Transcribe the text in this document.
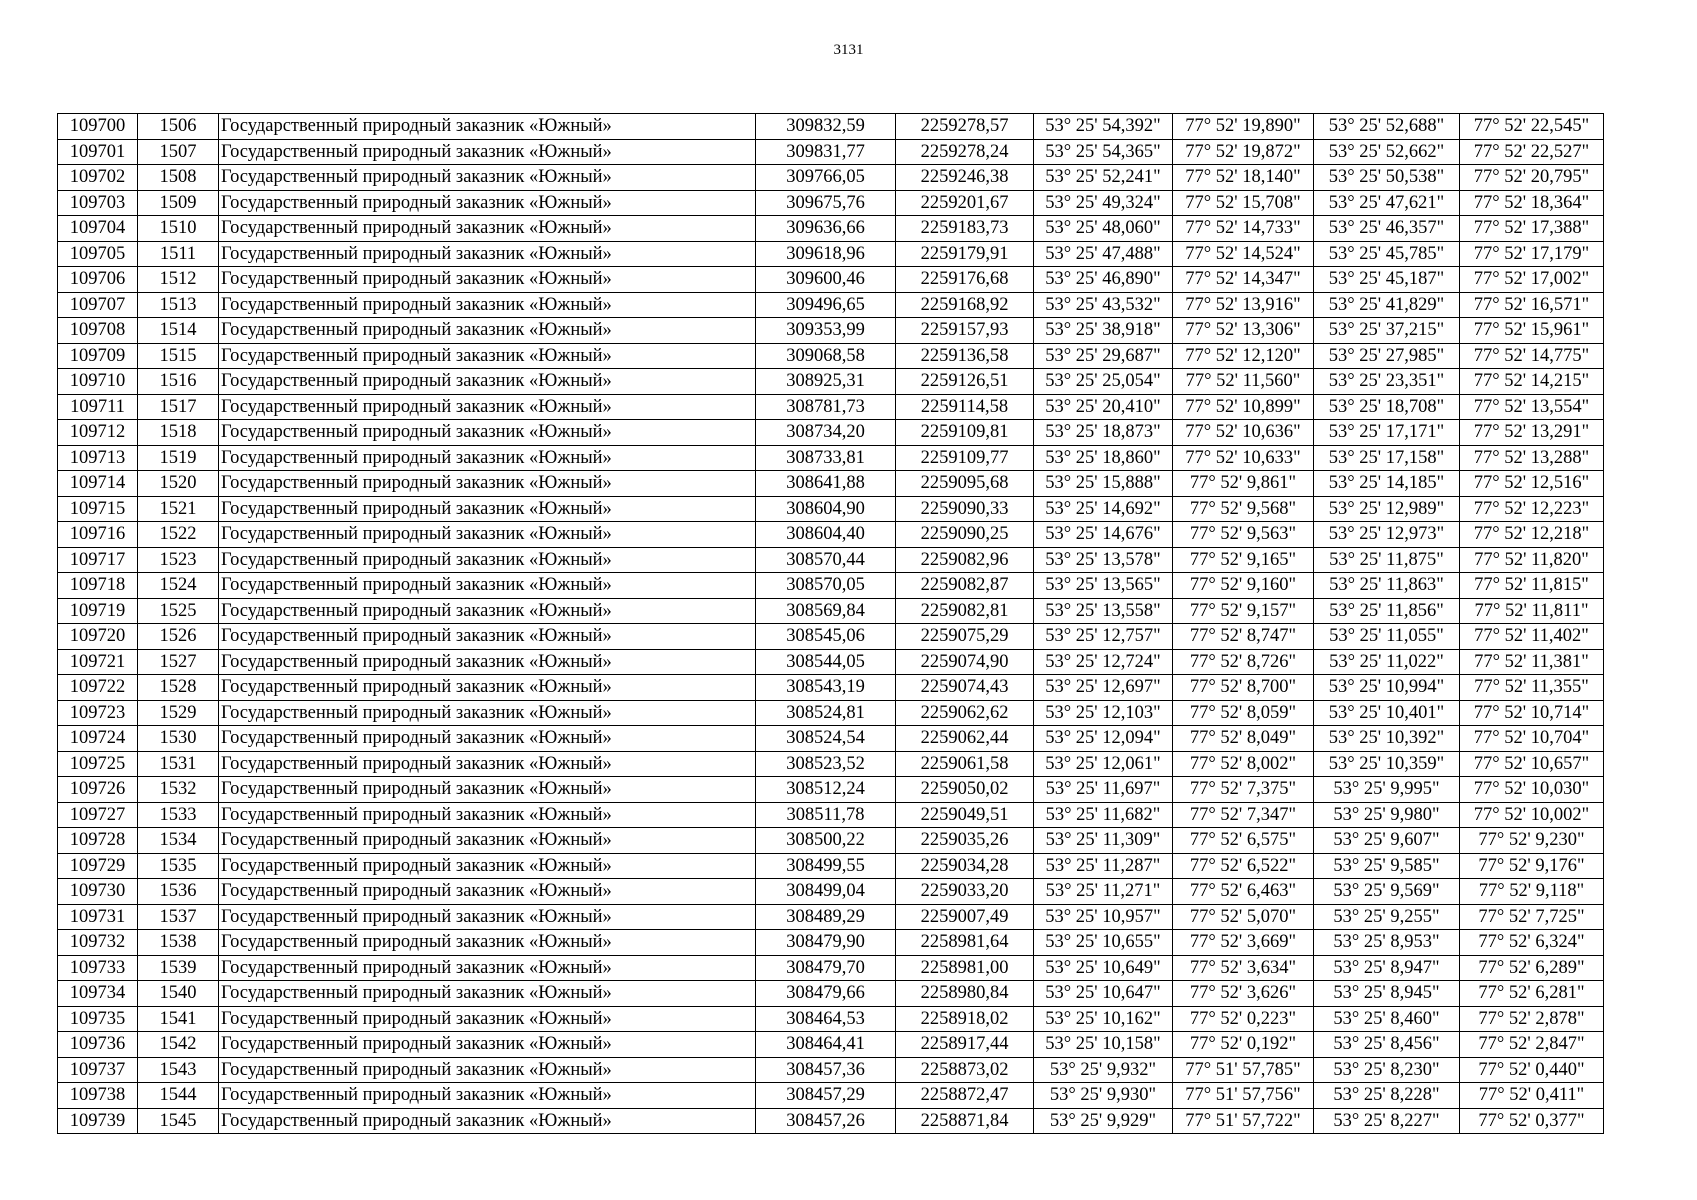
3131
109700	1506	Государственный природный заказник «Южный»	309832,59	2259278,57	53° 25' 54,392"	77° 52' 19,890"	53° 25' 52,688"	77° 52' 22,545"
109701	1507	Государственный природный заказник «Южный»	309831,77	2259278,24	53° 25' 54,365"	77° 52' 19,872"	53° 25' 52,662"	77° 52' 22,527"
109702	1508	Государственный природный заказник «Южный»	309766,05	2259246,38	53° 25' 52,241"	77° 52' 18,140"	53° 25' 50,538"	77° 52' 20,795"
109703	1509	Государственный природный заказник «Южный»	309675,76	2259201,67	53° 25' 49,324"	77° 52' 15,708"	53° 25' 47,621"	77° 52' 18,364"
109704	1510	Государственный природный заказник «Южный»	309636,66	2259183,73	53° 25' 48,060"	77° 52' 14,733"	53° 25' 46,357"	77° 52' 17,388"
109705	1511	Государственный природный заказник «Южный»	309618,96	2259179,91	53° 25' 47,488"	77° 52' 14,524"	53° 25' 45,785"	77° 52' 17,179"
109706	1512	Государственный природный заказник «Южный»	309600,46	2259176,68	53° 25' 46,890"	77° 52' 14,347"	53° 25' 45,187"	77° 52' 17,002"
109707	1513	Государственный природный заказник «Южный»	309496,65	2259168,92	53° 25' 43,532"	77° 52' 13,916"	53° 25' 41,829"	77° 52' 16,571"
109708	1514	Государственный природный заказник «Южный»	309353,99	2259157,93	53° 25' 38,918"	77° 52' 13,306"	53° 25' 37,215"	77° 52' 15,961"
109709	1515	Государственный природный заказник «Южный»	309068,58	2259136,58	53° 25' 29,687"	77° 52' 12,120"	53° 25' 27,985"	77° 52' 14,775"
109710	1516	Государственный природный заказник «Южный»	308925,31	2259126,51	53° 25' 25,054"	77° 52' 11,560"	53° 25' 23,351"	77° 52' 14,215"
109711	1517	Государственный природный заказник «Южный»	308781,73	2259114,58	53° 25' 20,410"	77° 52' 10,899"	53° 25' 18,708"	77° 52' 13,554"
109712	1518	Государственный природный заказник «Южный»	308734,20	2259109,81	53° 25' 18,873"	77° 52' 10,636"	53° 25' 17,171"	77° 52' 13,291"
109713	1519	Государственный природный заказник «Южный»	308733,81	2259109,77	53° 25' 18,860"	77° 52' 10,633"	53° 25' 17,158"	77° 52' 13,288"
109714	1520	Государственный природный заказник «Южный»	308641,88	2259095,68	53° 25' 15,888"	77° 52' 9,861"	53° 25' 14,185"	77° 52' 12,516"
109715	1521	Государственный природный заказник «Южный»	308604,90	2259090,33	53° 25' 14,692"	77° 52' 9,568"	53° 25' 12,989"	77° 52' 12,223"
109716	1522	Государственный природный заказник «Южный»	308604,40	2259090,25	53° 25' 14,676"	77° 52' 9,563"	53° 25' 12,973"	77° 52' 12,218"
109717	1523	Государственный природный заказник «Южный»	308570,44	2259082,96	53° 25' 13,578"	77° 52' 9,165"	53° 25' 11,875"	77° 52' 11,820"
109718	1524	Государственный природный заказник «Южный»	308570,05	2259082,87	53° 25' 13,565"	77° 52' 9,160"	53° 25' 11,863"	77° 52' 11,815"
109719	1525	Государственный природный заказник «Южный»	308569,84	2259082,81	53° 25' 13,558"	77° 52' 9,157"	53° 25' 11,856"	77° 52' 11,811"
109720	1526	Государственный природный заказник «Южный»	308545,06	2259075,29	53° 25' 12,757"	77° 52' 8,747"	53° 25' 11,055"	77° 52' 11,402"
109721	1527	Государственный природный заказник «Южный»	308544,05	2259074,90	53° 25' 12,724"	77° 52' 8,726"	53° 25' 11,022"	77° 52' 11,381"
109722	1528	Государственный природный заказник «Южный»	308543,19	2259074,43	53° 25' 12,697"	77° 52' 8,700"	53° 25' 10,994"	77° 52' 11,355"
109723	1529	Государственный природный заказник «Южный»	308524,81	2259062,62	53° 25' 12,103"	77° 52' 8,059"	53° 25' 10,401"	77° 52' 10,714"
109724	1530	Государственный природный заказник «Южный»	308524,54	2259062,44	53° 25' 12,094"	77° 52' 8,049"	53° 25' 10,392"	77° 52' 10,704"
109725	1531	Государственный природный заказник «Южный»	308523,52	2259061,58	53° 25' 12,061"	77° 52' 8,002"	53° 25' 10,359"	77° 52' 10,657"
109726	1532	Государственный природный заказник «Южный»	308512,24	2259050,02	53° 25' 11,697"	77° 52' 7,375"	53° 25' 9,995"	77° 52' 10,030"
109727	1533	Государственный природный заказник «Южный»	308511,78	2259049,51	53° 25' 11,682"	77° 52' 7,347"	53° 25' 9,980"	77° 52' 10,002"
109728	1534	Государственный природный заказник «Южный»	308500,22	2259035,26	53° 25' 11,309"	77° 52' 6,575"	53° 25' 9,607"	77° 52' 9,230"
109729	1535	Государственный природный заказник «Южный»	308499,55	2259034,28	53° 25' 11,287"	77° 52' 6,522"	53° 25' 9,585"	77° 52' 9,176"
109730	1536	Государственный природный заказник «Южный»	308499,04	2259033,20	53° 25' 11,271"	77° 52' 6,463"	53° 25' 9,569"	77° 52' 9,118"
109731	1537	Государственный природный заказник «Южный»	308489,29	2259007,49	53° 25' 10,957"	77° 52' 5,070"	53° 25' 9,255"	77° 52' 7,725"
109732	1538	Государственный природный заказник «Южный»	308479,90	2258981,64	53° 25' 10,655"	77° 52' 3,669"	53° 25' 8,953"	77° 52' 6,324"
109733	1539	Государственный природный заказник «Южный»	308479,70	2258981,00	53° 25' 10,649"	77° 52' 3,634"	53° 25' 8,947"	77° 52' 6,289"
109734	1540	Государственный природный заказник «Южный»	308479,66	2258980,84	53° 25' 10,647"	77° 52' 3,626"	53° 25' 8,945"	77° 52' 6,281"
109735	1541	Государственный природный заказник «Южный»	308464,53	2258918,02	53° 25' 10,162"	77° 52' 0,223"	53° 25' 8,460"	77° 52' 2,878"
109736	1542	Государственный природный заказник «Южный»	308464,41	2258917,44	53° 25' 10,158"	77° 52' 0,192"	53° 25' 8,456"	77° 52' 2,847"
109737	1543	Государственный природный заказник «Южный»	308457,36	2258873,02	53° 25' 9,932"	77° 51' 57,785"	53° 25' 8,230"	77° 52' 0,440"
109738	1544	Государственный природный заказник «Южный»	308457,29	2258872,47	53° 25' 9,930"	77° 51' 57,756"	53° 25' 8,228"	77° 52' 0,411"
109739	1545	Государственный природный заказник «Южный»	308457,26	2258871,84	53° 25' 9,929"	77° 51' 57,722"	53° 25' 8,227"	77° 52' 0,377"
